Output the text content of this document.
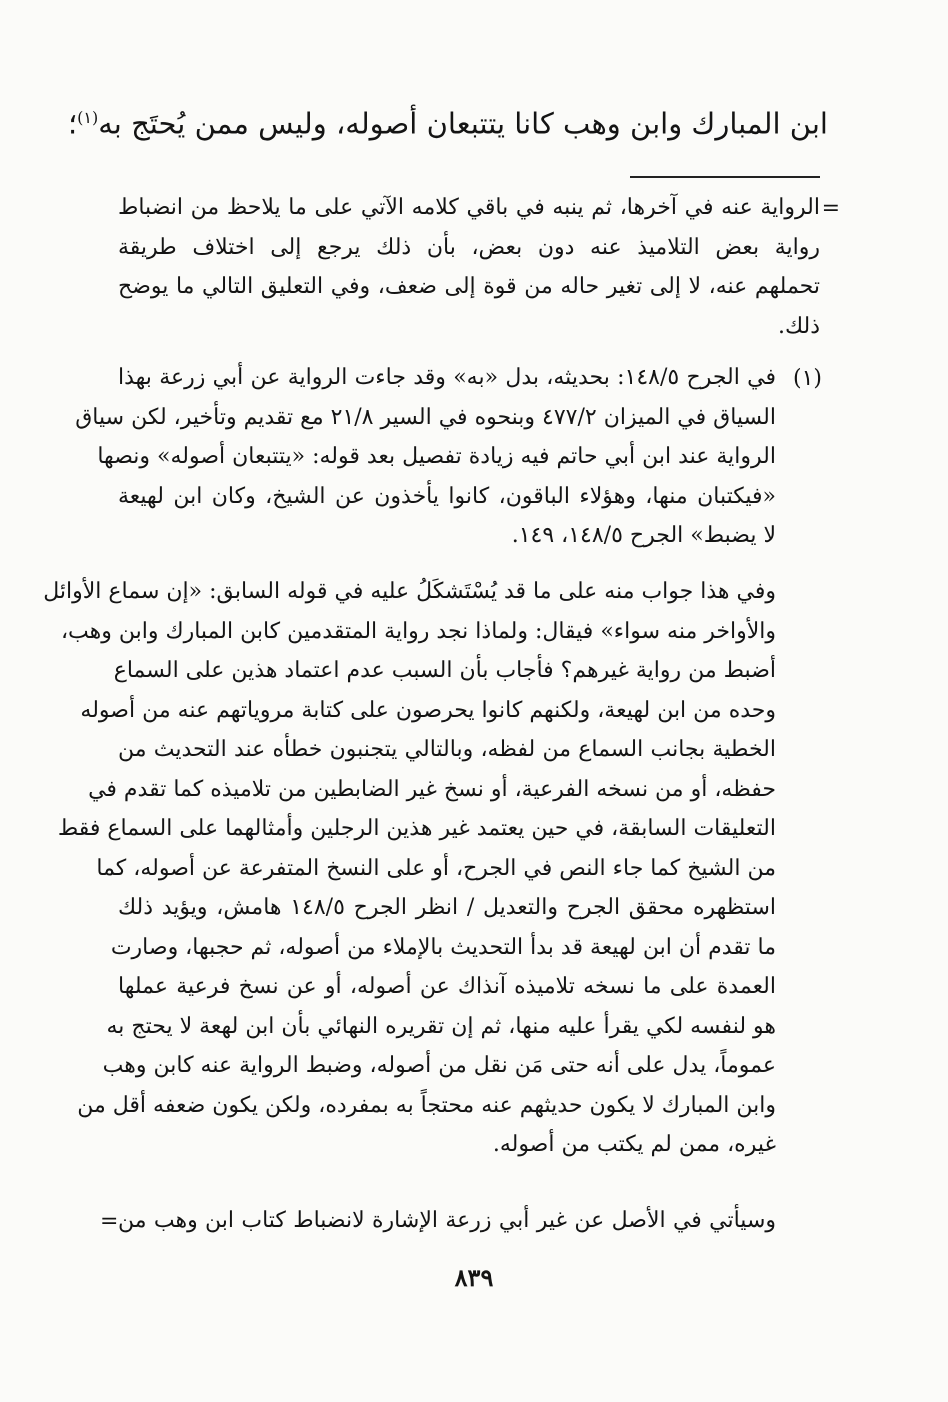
ابن المبارك وابن وهب كانا يتتبعان أصوله، وليس ممن يُحتَج به$^{(١)}$؛
=
الرواية عنه في آخرها، ثم ينبه في باقي كلامه الآتي على ما يلاحظ من انضباط
رواية بعض التلاميذ عنه دون بعض، بأن ذلك يرجع إلى اختلاف طريقة
تحملهم عنه، لا إلى تغير حاله من قوة إلى ضعف، وفي التعليق التالي ما يوضح
ذلك.
(١)
في الجرح ١٤٨/٥: بحديثه، بدل «به» وقد جاءت الرواية عن أبي زرعة بهذا
السياق في الميزان ٤٧٧/٢ وبنحوه في السير ٢١/٨ مع تقديم وتأخير، لكن سياق
الرواية عند ابن أبي حاتم فيه زيادة تفصيل بعد قوله: «يتتبعان أصوله» ونصها
«فيكتبان منها، وهؤلاء الباقون، كانوا يأخذون عن الشيخ، وكان ابن لهيعة
لا يضبط» الجرح ١٤٨/٥، ١٤٩.
وفي هذا جواب منه على ما قد يُسْتَشكَلُ عليه في قوله السابق: «إن سماع الأوائل
والأواخر منه سواء» فيقال: ولماذا نجد رواية المتقدمين كابن المبارك وابن وهب،
أضبط من رواية غيرهم؟ فأجاب بأن السبب عدم اعتماد هذين على السماع
وحده من ابن لهيعة، ولكنهم كانوا يحرصون على كتابة مروياتهم عنه من أصوله
الخطية بجانب السماع من لفظه، وبالتالي يتجنبون خطأه عند التحديث من
حفظه، أو من نسخه الفرعية، أو نسخ غير الضابطين من تلاميذه كما تقدم في
التعليقات السابقة، في حين يعتمد غير هذين الرجلين وأمثالهما على السماع فقط
من الشيخ كما جاء النص في الجرح، أو على النسخ المتفرعة عن أصوله، كما
استظهره محقق الجرح والتعديل / انظر الجرح ١٤٨/٥ هامش، ويؤيد ذلك
ما تقدم أن ابن لهيعة قد بدأ التحديث بالإملاء من أصوله، ثم حجبها، وصارت
العمدة على ما نسخه تلاميذه آنذاك عن أصوله، أو عن نسخ فرعية عملها
هو لنفسه لكي يقرأ عليه منها، ثم إن تقريره النهائي بأن ابن لهعة لا يحتج به
عموماً، يدل على أنه حتى مَن نقل من أصوله، وضبط الرواية عنه كابن وهب
وابن المبارك لا يكون حديثهم عنه محتجاً به بمفرده، ولكن يكون ضعفه أقل من
غيره، ممن لم يكتب من أصوله.
وسيأتي في الأصل عن غير أبي زرعة الإشارة لانضباط كتاب ابن وهب من
=
٨٣٩
